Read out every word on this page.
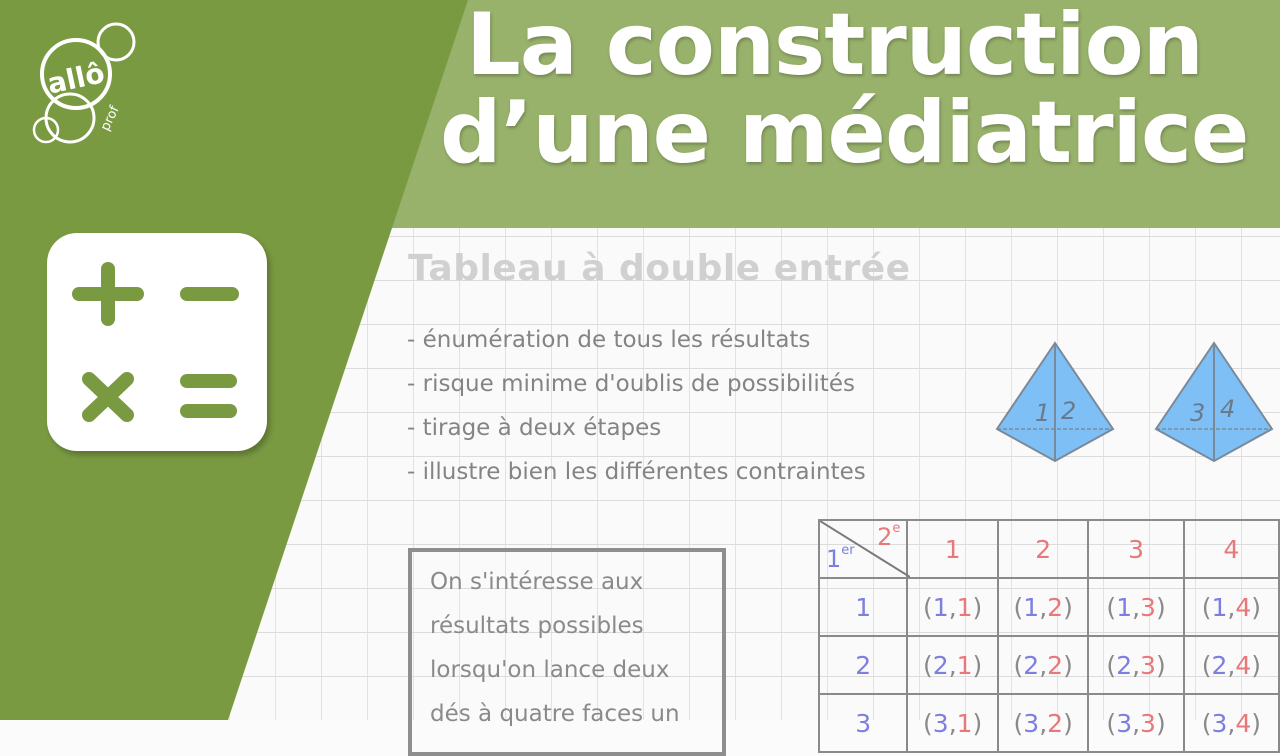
Tableau à double entrée
- énumération de tous les résultats
- risque minime d'oublis de possibilités
- tirage à deux étapes
- illustre bien les différentes contraintes

On s'intéresse aux
résultats possibles
lorsqu'on lance deux
dés à quatre faces un

1 2	3 4
2e
1er	1	2	3	4
1	(1,1)	(1,2)	(1,3)	(1,4)
2	(2,1)	(2,2)	(2,3)	(2,4)
3	(3,1)	(3,2)	(3,3)	(3,4)
La construction
d’une médiatrice
allô
prof
